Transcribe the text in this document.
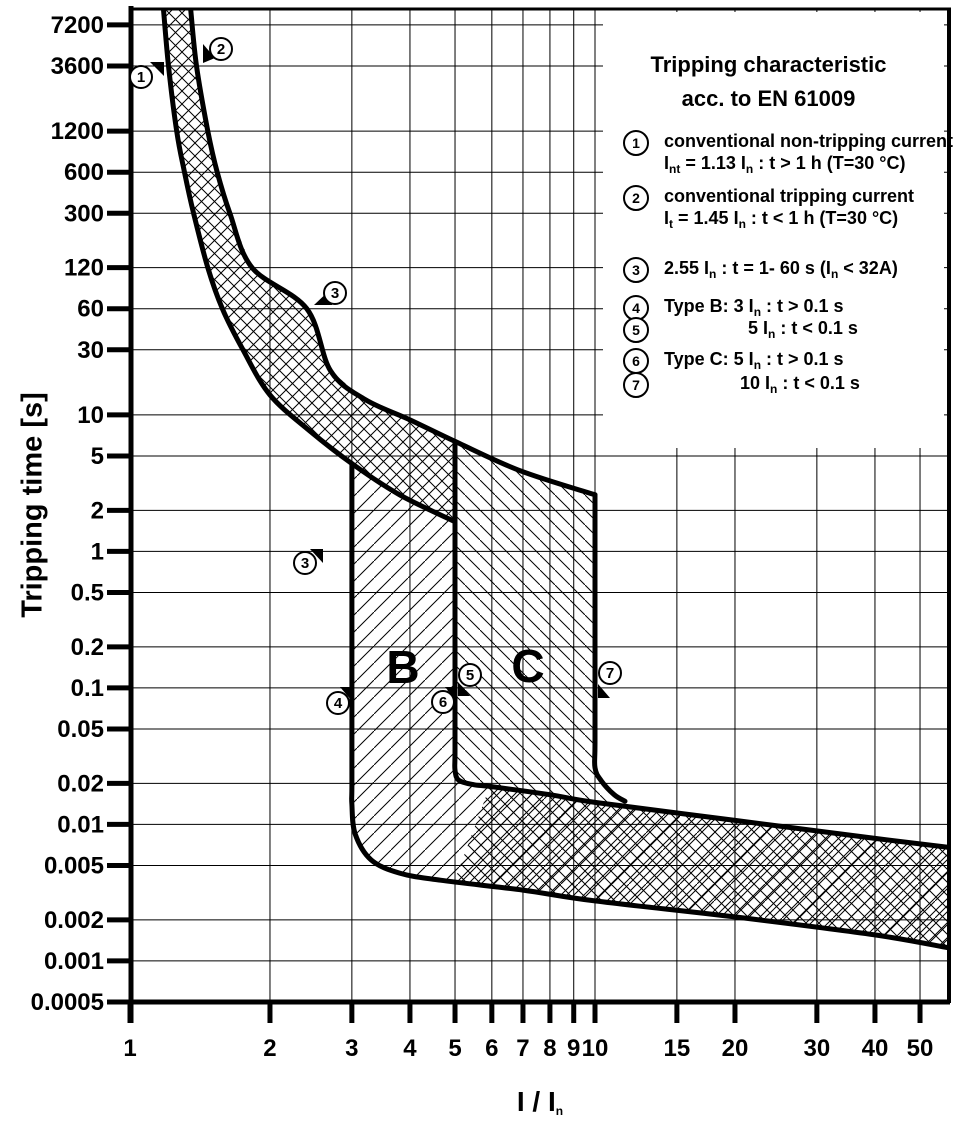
7200
3600
1200
600
300
120
60
30
10
5
2
1
0.5
0.2
0.1
0.05
0.02
0.01
0.005
0.002
0.001
0.0005
1	2	3 4 5 6 7 8 9 10 15 20 30 40 50
Tripping characteristic
acc. to EN 61009
1	conventional non-tripping current
$I_{nt} = 1.13$ $I_n$ : t > 1 h (T=30 °C)
2	conventional tripping current
$I_t = 1.45$ $I_n$ : t < 1 h (T=30 °C)
3	2.55 $I_n$ : t = 1- 60 s $(I_n < 32A)$
4	Type B: 3 $I_n$ : t > 0.1 s
5	5 $I_n$ : t < 0.1 s
6	Type C: 5 $I_n$ : t > 0.1 s
7	10 $I_n$ : t < 0.1 s
B C
Tripping time [s]
I / $I_n$
1
2
3
3
4
5
6
7
